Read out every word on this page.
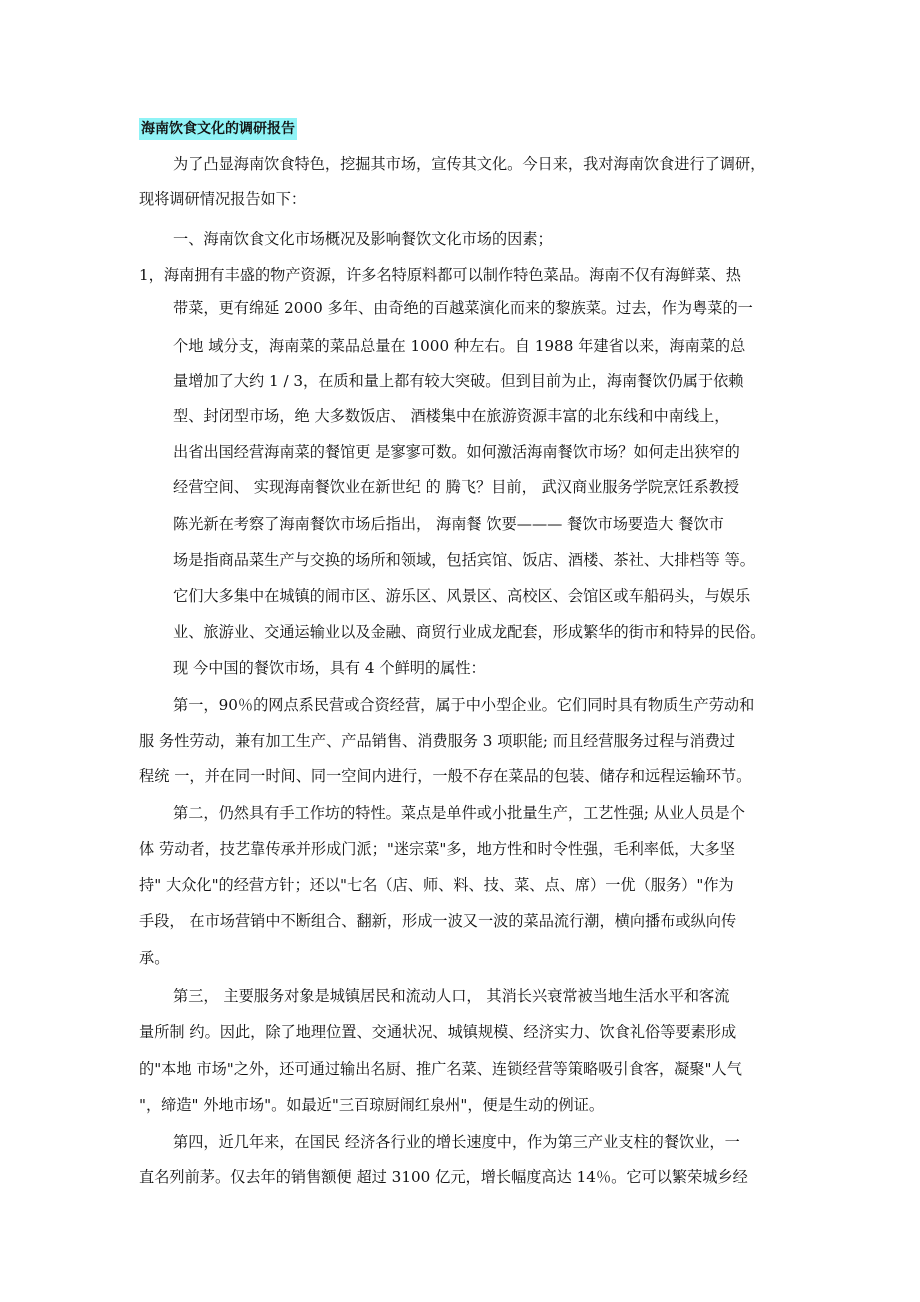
海南饮食文化的调研报告
为了凸显海南饮食特色，挖掘其市场，宣传其文化。今日来，我对海南饮食进行了调研，
现将调研情况报告如下：
一、海南饮食文化市场概况及影响餐饮文化市场的因素；
1，海南拥有丰盛的物产资源，许多名特原料都可以制作特色菜品。海南不仅有海鲜菜、热
带菜，更有绵延 2000 多年、由奇绝的百越菜演化而来的黎族菜。过去，作为粤菜的一
个地 域分支，海南菜的菜品总量在 1000 种左右。自 1988 年建省以来，海南菜的总
量增加了大约 1 / 3，在质和量上都有较大突破。但到目前为止，海南餐饮仍属于依赖
型、封闭型市场，绝 大多数饭店、 酒楼集中在旅游资源丰富的北东线和中南线上，
出省出国经营海南菜的餐馆更 是寥寥可数。如何激活海南餐饮市场？如何走出狭窄的
经营空间、 实现海南餐饮业在新世纪 的 腾飞？目前， 武汉商业服务学院烹饪系教授
陈光新在考察了海南餐饮市场后指出， 海南餐 饮要——— 餐饮市场要造大 餐饮市
场是指商品菜生产与交换的场所和领域，包括宾馆、饭店、酒楼、茶社、大排档等 等。
它们大多集中在城镇的闹市区、游乐区、风景区、高校区、会馆区或车船码头，与娱乐
业、旅游业、交通运输业以及金融、商贸行业成龙配套，形成繁华的街市和特异的民俗。
现 今中国的餐饮市场，具有 4 个鲜明的属性：
第一，90％的网点系民营或合资经营，属于中小型企业。它们同时具有物质生产劳动和
服 务性劳动，兼有加工生产、产品销售、消费服务 3 项职能; 而且经营服务过程与消费过
程统 一，并在同一时间、同一空间内进行，一般不存在菜品的包装、储存和远程运输环节。
第二，仍然具有手工作坊的特性。菜点是单件或小批量生产，工艺性强; 从业人员是个
体 劳动者，技艺靠传承并形成门派；"迷宗菜"多，地方性和时令性强，毛利率低，大多坚
持" 大众化"的经营方针；还以"七名（店、师、料、技、菜、点、席）一优（服务）"作为
手段， 在市场营销中不断组合、翻新，形成一波又一波的菜品流行潮，横向播布或纵向传
承。
第三， 主要服务对象是城镇居民和流动人口， 其消长兴衰常被当地生活水平和客流
量所制 约。因此，除了地理位置、交通状况、城镇规模、经济实力、饮食礼俗等要素形成
的"本地 市场"之外，还可通过输出名厨、推广名菜、连锁经营等策略吸引食客，凝聚"人气
"，缔造" 外地市场"。如最近"三百琼厨闹红泉州"，便是生动的例证。
第四，近几年来，在国民 经济各行业的增长速度中，作为第三产业支柱的餐饮业，一
直名列前茅。仅去年的销售额便 超过 3100 亿元，增长幅度高达 14％。它可以繁荣城乡经
